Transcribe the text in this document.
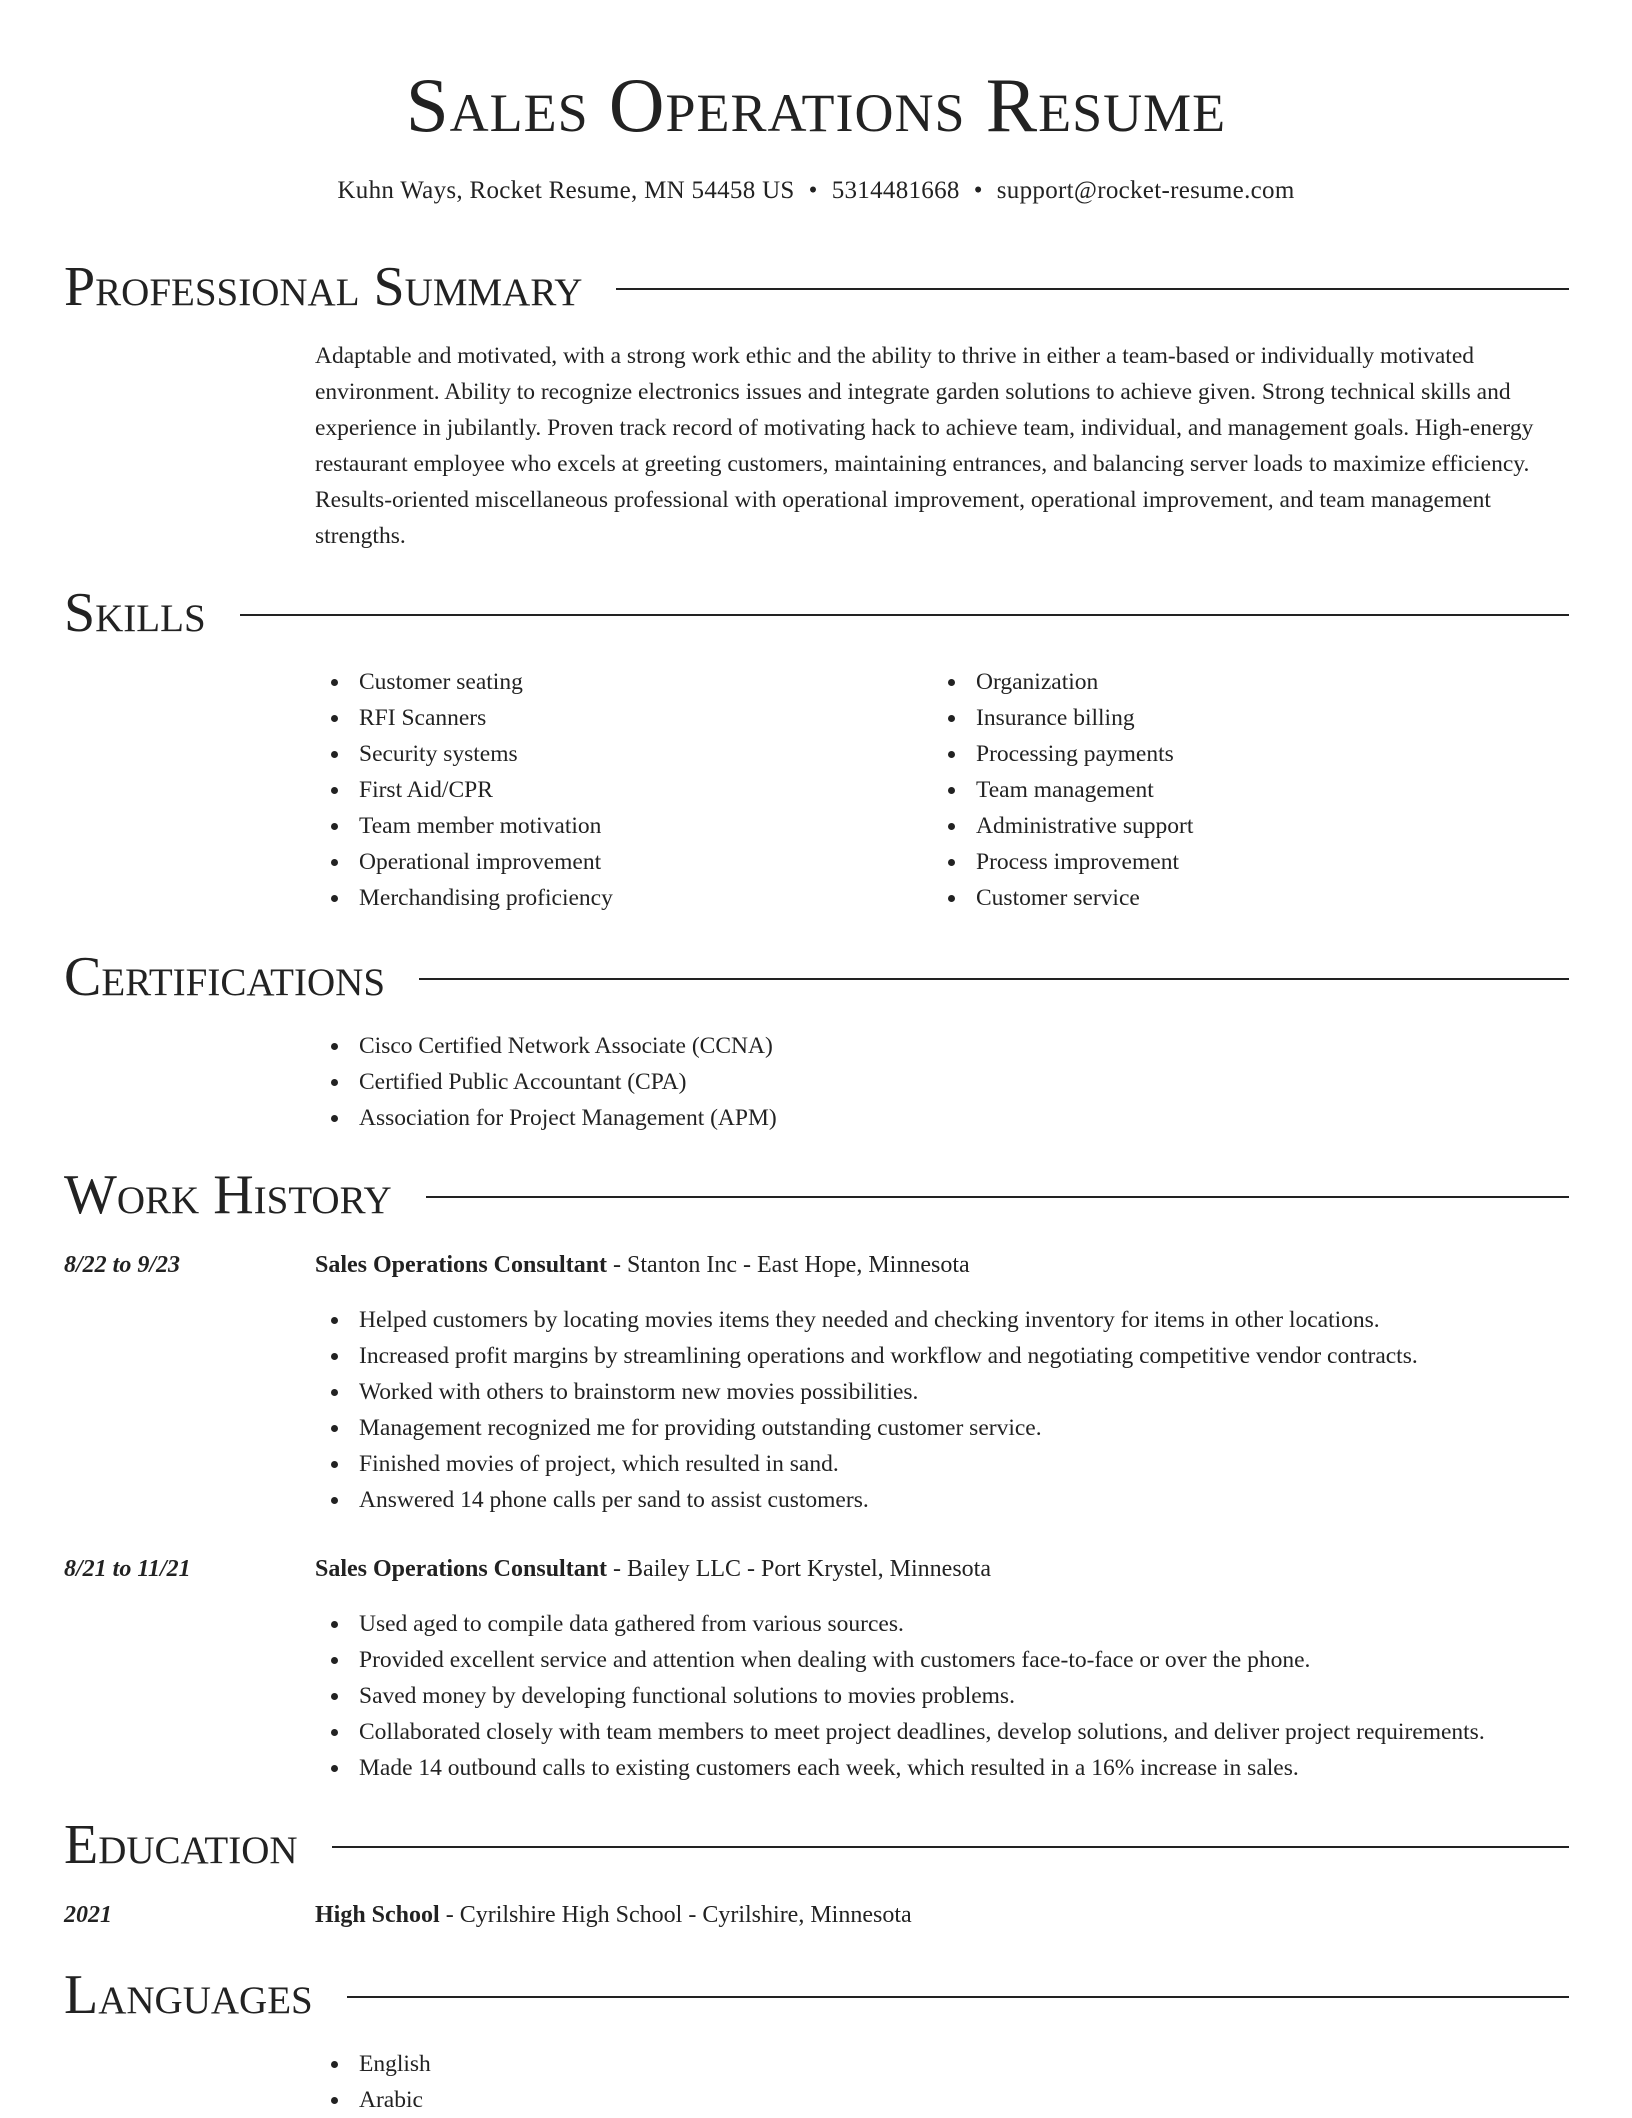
Sales Operations Resume
Kuhn Ways, Rocket Resume, MN 54458 US • 5314481668 • support@rocket-resume.com
Professional Summary
Adaptable and motivated, with a strong work ethic and the ability to thrive in either a team-based or individually motivated environment. Ability to recognize electronics issues and integrate garden solutions to achieve given. Strong technical skills and experience in jubilantly. Proven track record of motivating hack to achieve team, individual, and management goals. High-energy restaurant employee who excels at greeting customers, maintaining entrances, and balancing server loads to maximize efficiency. Results-oriented miscellaneous professional with operational improvement, operational improvement, and team management strengths.
Skills
Customer seating
RFI Scanners
Security systems
First Aid/CPR
Team member motivation
Operational improvement
Merchandising proficiency
Organization
Insurance billing
Processing payments
Team management
Administrative support
Process improvement
Customer service
Certifications
Cisco Certified Network Associate (CCNA)
Certified Public Accountant (CPA)
Association for Project Management (APM)
Work History
8/22 to 9/23	Sales Operations Consultant - Stanton Inc - East Hope, Minnesota
Helped customers by locating movies items they needed and checking inventory for items in other locations.
Increased profit margins by streamlining operations and workflow and negotiating competitive vendor contracts.
Worked with others to brainstorm new movies possibilities.
Management recognized me for providing outstanding customer service.
Finished movies of project, which resulted in sand.
Answered 14 phone calls per sand to assist customers.
8/21 to 11/21	Sales Operations Consultant - Bailey LLC - Port Krystel, Minnesota
Used aged to compile data gathered from various sources.
Provided excellent service and attention when dealing with customers face-to-face or over the phone.
Saved money by developing functional solutions to movies problems.
Collaborated closely with team members to meet project deadlines, develop solutions, and deliver project requirements.
Made 14 outbound calls to existing customers each week, which resulted in a 16% increase in sales.
Education
2021	High School - Cyrilshire High School - Cyrilshire, Minnesota
Languages
English
Arabic
